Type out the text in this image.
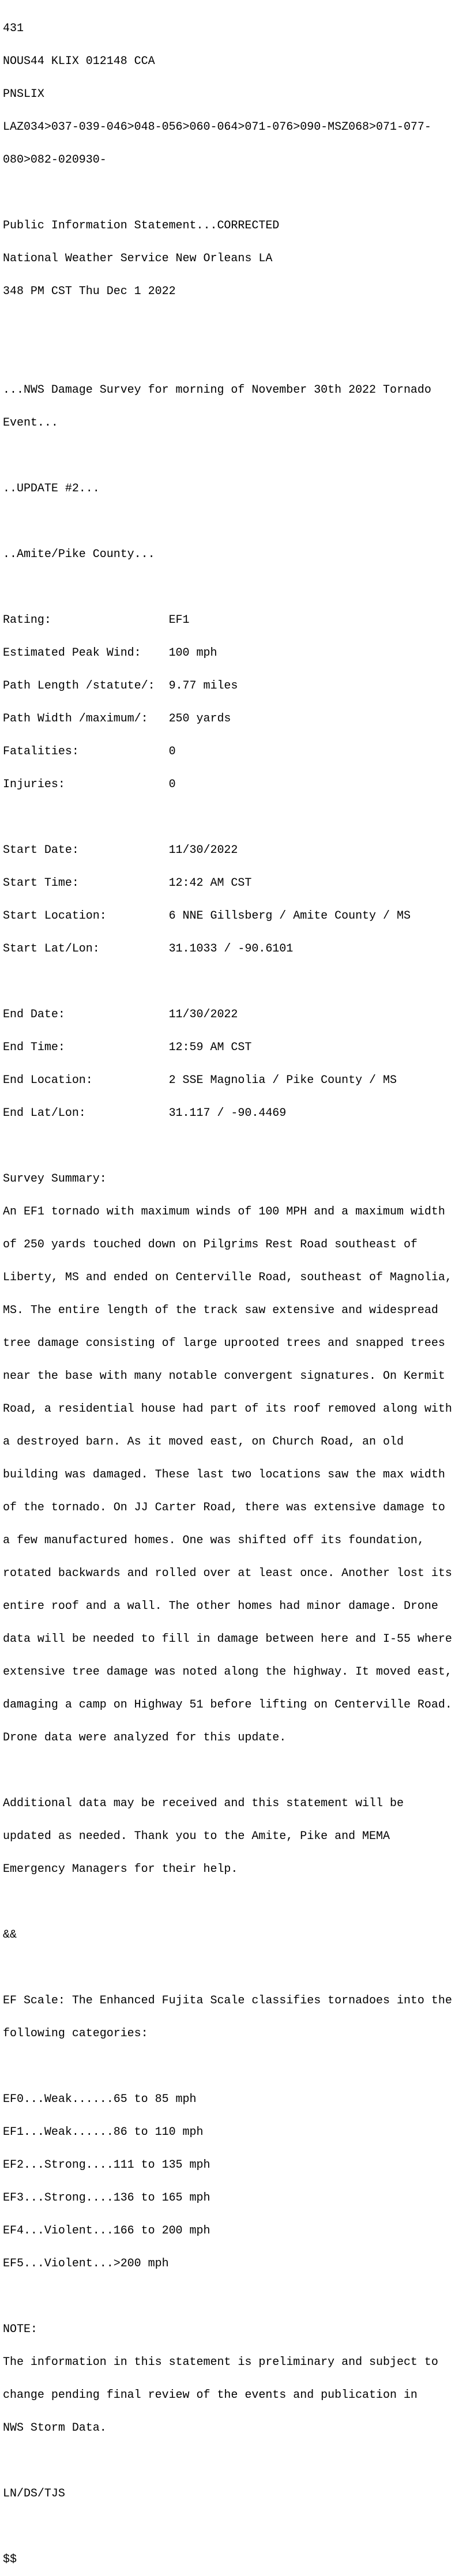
431

NOUS44 KLIX 012148 CCA

PNSLIX

LAZ034>037-039-046>048-056>060-064>071-076>090-MSZ068>071-077-

080>082-020930-

Public Information Statement...CORRECTED

National Weather Service New Orleans LA

348 PM CST Thu Dec 1 2022

...NWS Damage Survey for morning of November 30th 2022 Tornado

Event...

..UPDATE #2...

..Amite/Pike County...

Rating:                 EF1

Estimated Peak Wind:    100 mph

Path Length /statute/:  9.77 miles

Path Width /maximum/:   250 yards

Fatalities:             0

Injuries:               0

Start Date:             11/30/2022

Start Time:             12:42 AM CST

Start Location:         6 NNE Gillsberg / Amite County / MS

Start Lat/Lon:          31.1033 / -90.6101

End Date:               11/30/2022

End Time:               12:59 AM CST

End Location:           2 SSE Magnolia / Pike County / MS

End Lat/Lon:            31.117 / -90.4469

Survey Summary:

An EF1 tornado with maximum winds of 100 MPH and a maximum width

of 250 yards touched down on Pilgrims Rest Road southeast of

Liberty, MS and ended on Centerville Road, southeast of Magnolia,

MS. The entire length of the track saw extensive and widespread

tree damage consisting of large uprooted trees and snapped trees

near the base with many notable convergent signatures. On Kermit

Road, a residential house had part of its roof removed along with

a destroyed barn. As it moved east, on Church Road, an old

building was damaged. These last two locations saw the max width

of the tornado. On JJ Carter Road, there was extensive damage to

a few manufactured homes. One was shifted off its foundation,

rotated backwards and rolled over at least once. Another lost its

entire roof and a wall. The other homes had minor damage. Drone

data will be needed to fill in damage between here and I-55 where

extensive tree damage was noted along the highway. It moved east,

damaging a camp on Highway 51 before lifting on Centerville Road.

Drone data were analyzed for this update.

Additional data may be received and this statement will be

updated as needed. Thank you to the Amite, Pike and MEMA

Emergency Managers for their help.

&&

EF Scale: The Enhanced Fujita Scale classifies tornadoes into the

following categories:

EF0...Weak......65 to 85 mph

EF1...Weak......86 to 110 mph

EF2...Strong....111 to 135 mph

EF3...Strong....136 to 165 mph

EF4...Violent...166 to 200 mph

EF5...Violent...>200 mph

NOTE:

The information in this statement is preliminary and subject to

change pending final review of the events and publication in

NWS Storm Data.

LN/DS/TJS

$$
